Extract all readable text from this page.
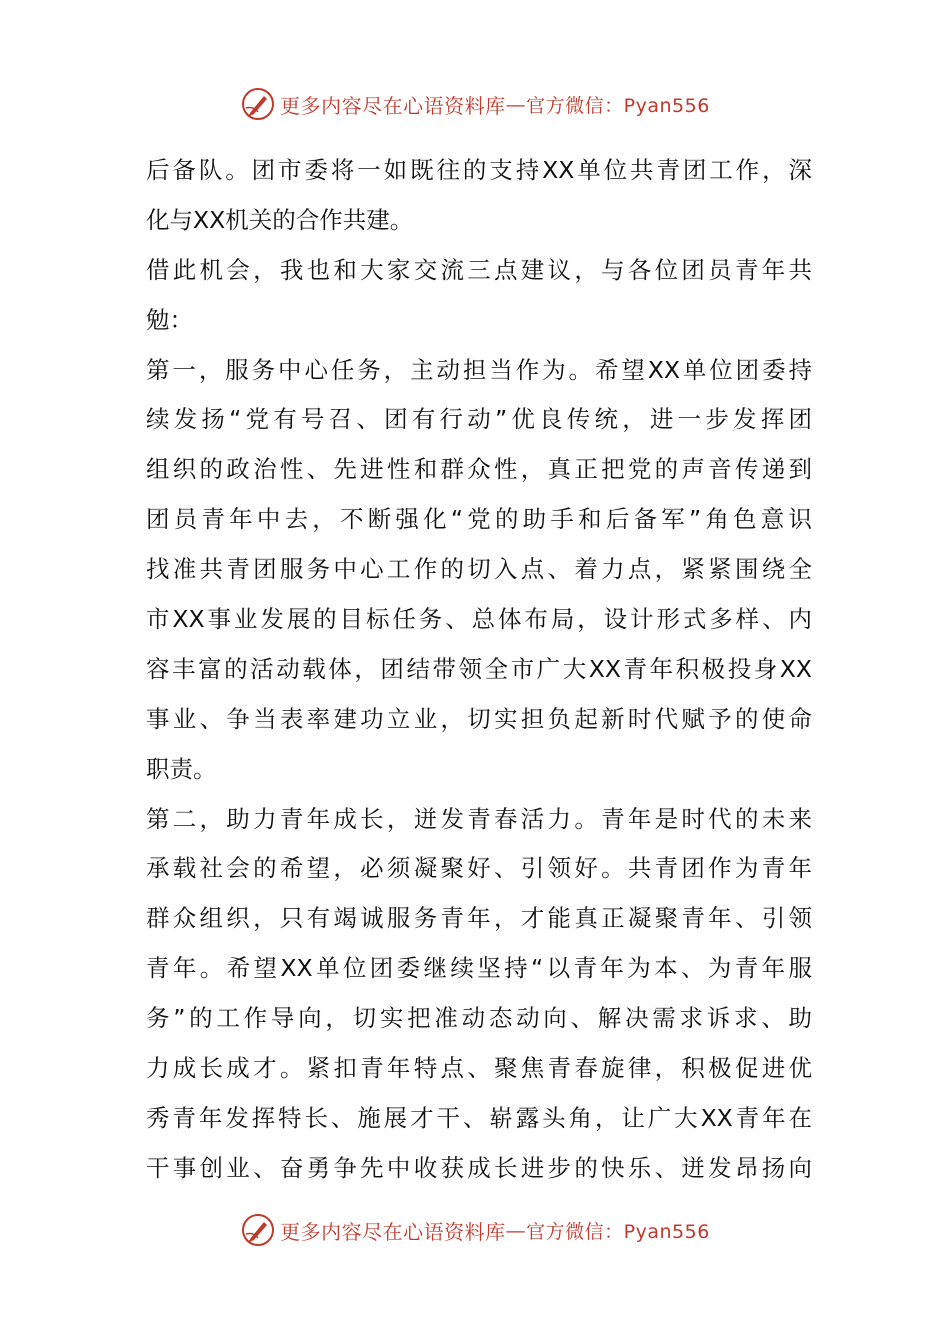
更多内容尽在心语资料库 — 官方微信：Pyan556
后备队。团市委将一如既往的支持XX单位共青团工作，深
化与XX机关的合作共建。
借此机会，我也和大家交流三点建议，与各位团员青年共
勉：
第一，服务中心任务，主动担当作为。希望XX单位团委持
续发扬“党有号召、团有行动”优良传统，进一步发挥团
组织的政治性、先进性和群众性，真正把党的声音传递到
团员青年中去，不断强化“党的助手和后备军”角色意识
找准共青团服务中心工作的切入点、着力点，紧紧围绕全
市XX事业发展的目标任务、总体布局，设计形式多样、内
容丰富的活动载体，团结带领全市广大XX青年积极投身XX
事业、争当表率建功立业，切实担负起新时代赋予的使命
职责。
第二，助力青年成长，迸发青春活力。青年是时代的未来
承载社会的希望，必须凝聚好、引领好。共青团作为青年
群众组织，只有竭诚服务青年，才能真正凝聚青年、引领
青年。希望XX单位团委继续坚持“以青年为本、为青年服
务”的工作导向，切实把准动态动向、解决需求诉求、助
力成长成才。紧扣青年特点、聚焦青春旋律，积极促进优
秀青年发挥特长、施展才干、崭露头角，让广大XX青年在
干事创业、奋勇争先中收获成长进步的快乐、迸发昂扬向
更多内容尽在心语资料库 — 官方微信：Pyan556
